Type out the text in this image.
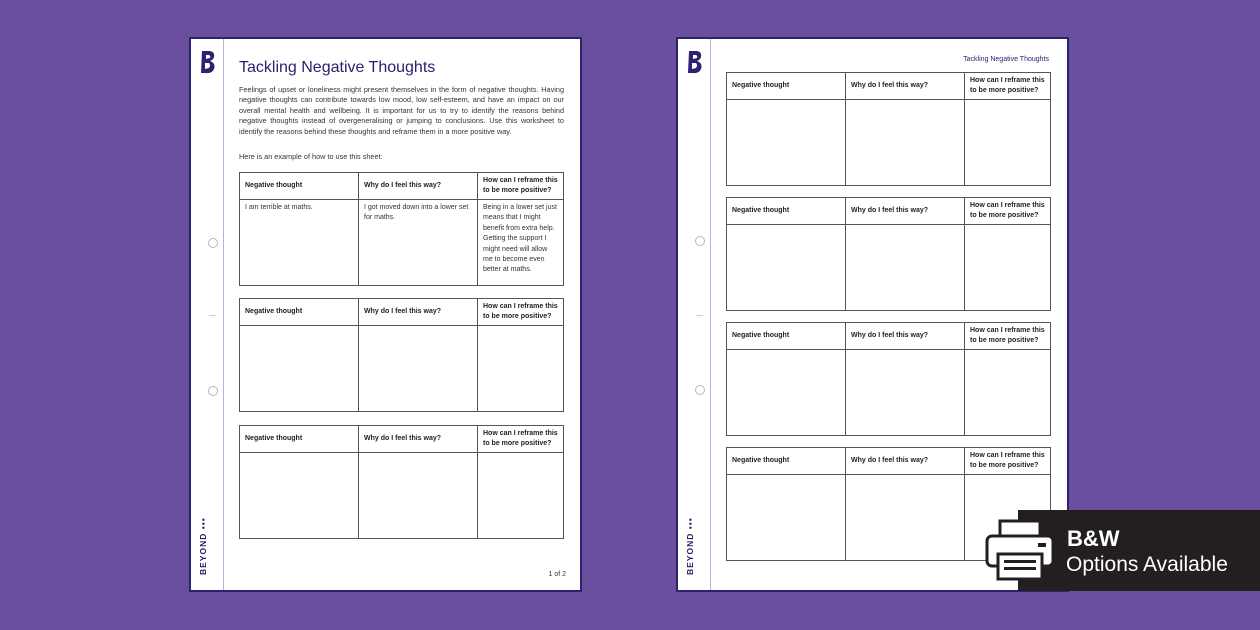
BEYOND ▪▪▪
Tackling Negative Thoughts

Feelings of upset or loneliness might present themselves in the form of negative thoughts. Having negative thoughts can contribute towards low mood, low self-esteem, and have an impact on our overall mental health and wellbeing. It is important for us to try to identify the reasons behind negative thoughts instead of overgeneralising or jumping to conclusions. Use this worksheet to identify the reasons behind these thoughts and reframe them in a more positive way.

Here is an example of how to use this sheet:

Negative thought	Why do I feel this way?	How can I reframe this to be more positive?
I am terrible at maths.	I got moved down into a lower set for maths.	Being in a lower set just means that I might benefit from extra help. Getting the support I might need will allow me to become even better at maths.
Negative thought	Why do I feel this way?	How can I reframe this to be more positive?

Negative thought	Why do I feel this way?	How can I reframe this to be more positive?

1 of 2	BEYOND ▪▪▪
Tackling Negative Thoughts
Negative thought	Why do I feel this way?	How can I reframe this to be more positive?

Negative thought	Why do I feel this way?	How can I reframe this to be more positive?

Negative thought	Why do I feel this way?	How can I reframe this to be more positive?

Negative thought	Why do I feel this way?	How can I reframe this to be more positive?

B&W
Options Available
